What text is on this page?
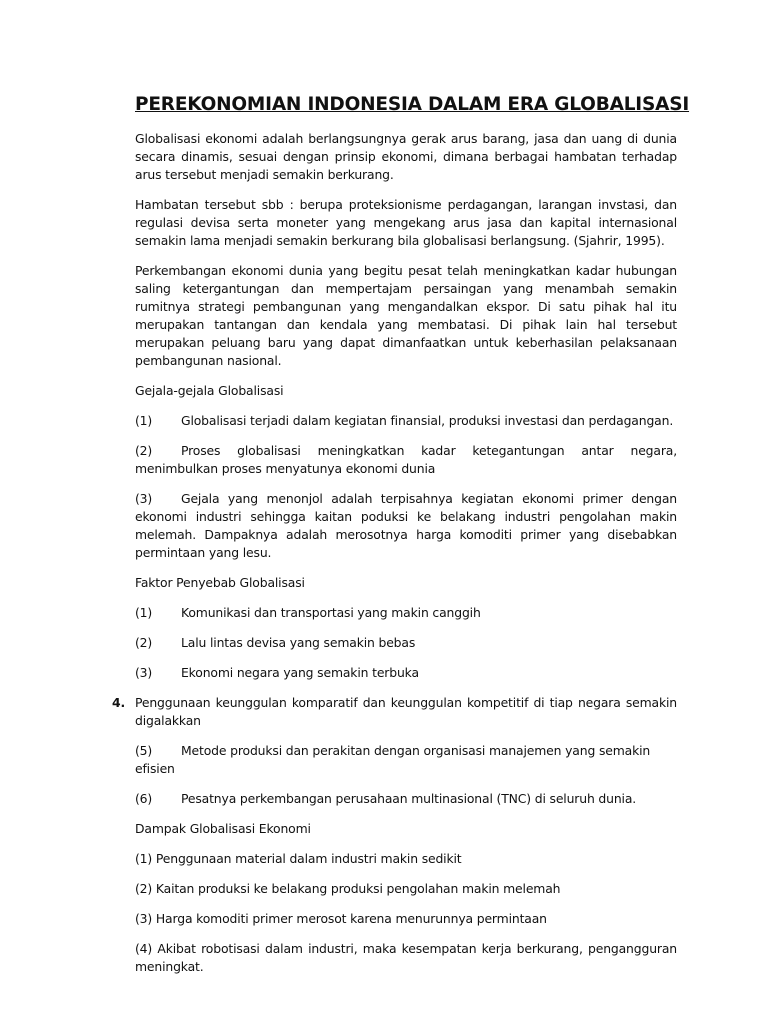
PEREKONOMIAN INDONESIA DALAM ERA GLOBALISASI

Globalisasi ekonomi adalah berlangsungnya gerak arus barang, jasa dan uang di dunia secara dinamis, sesuai dengan prinsip ekonomi, dimana berbagai hambatan terhadap arus tersebut menjadi semakin berkurang.

Hambatan tersebut sbb : berupa proteksionisme perdagangan, larangan invstasi, dan regulasi devisa serta moneter yang mengekang arus jasa dan kapital internasional semakin lama menjadi semakin berkurang bila globalisasi berlangsung. (Sjahrir, 1995).

Perkembangan ekonomi dunia yang begitu pesat telah meningkatkan kadar hubungan saling ketergantungan dan mempertajam persaingan yang menambah semakin rumitnya strategi pembangunan yang mengandalkan ekspor. Di satu pihak hal itu merupakan tantangan dan kendala yang membatasi. Di pihak lain hal tersebut merupakan peluang baru yang dapat dimanfaatkan untuk keberhasilan pelaksanaan pembangunan nasional.

Gejala-gejala Globalisasi

(1) Globalisasi terjadi dalam kegiatan finansial, produksi investasi dan perdagangan.

(2) Proses globalisasi meningkatkan kadar ketegantungan antar negara, menimbulkan proses menyatunya ekonomi dunia

(3) Gejala yang menonjol adalah terpisahnya kegiatan ekonomi primer dengan ekonomi industri sehingga kaitan poduksi ke belakang industri pengolahan makin melemah. Dampaknya adalah merosotnya harga komoditi primer yang disebabkan permintaan yang lesu.

Faktor Penyebab Globalisasi

(1) Komunikasi dan transportasi yang makin canggih

(2) Lalu lintas devisa yang semakin bebas

(3) Ekonomi negara yang semakin terbuka

4. Penggunaan keunggulan komparatif dan keunggulan kompetitif di tiap negara semakin digalakkan

(5) Metode produksi dan perakitan dengan organisasi manajemen yang semakin efisien

(6) Pesatnya perkembangan perusahaan multinasional (TNC) di seluruh dunia.

Dampak Globalisasi Ekonomi

(1) Penggunaan material dalam industri makin sedikit

(2) Kaitan produksi ke belakang produksi pengolahan makin melemah

(3) Harga komoditi primer merosot karena menurunnya permintaan

(4) Akibat robotisasi dalam industri, maka kesempatan kerja berkurang, pengangguran meningkat.
